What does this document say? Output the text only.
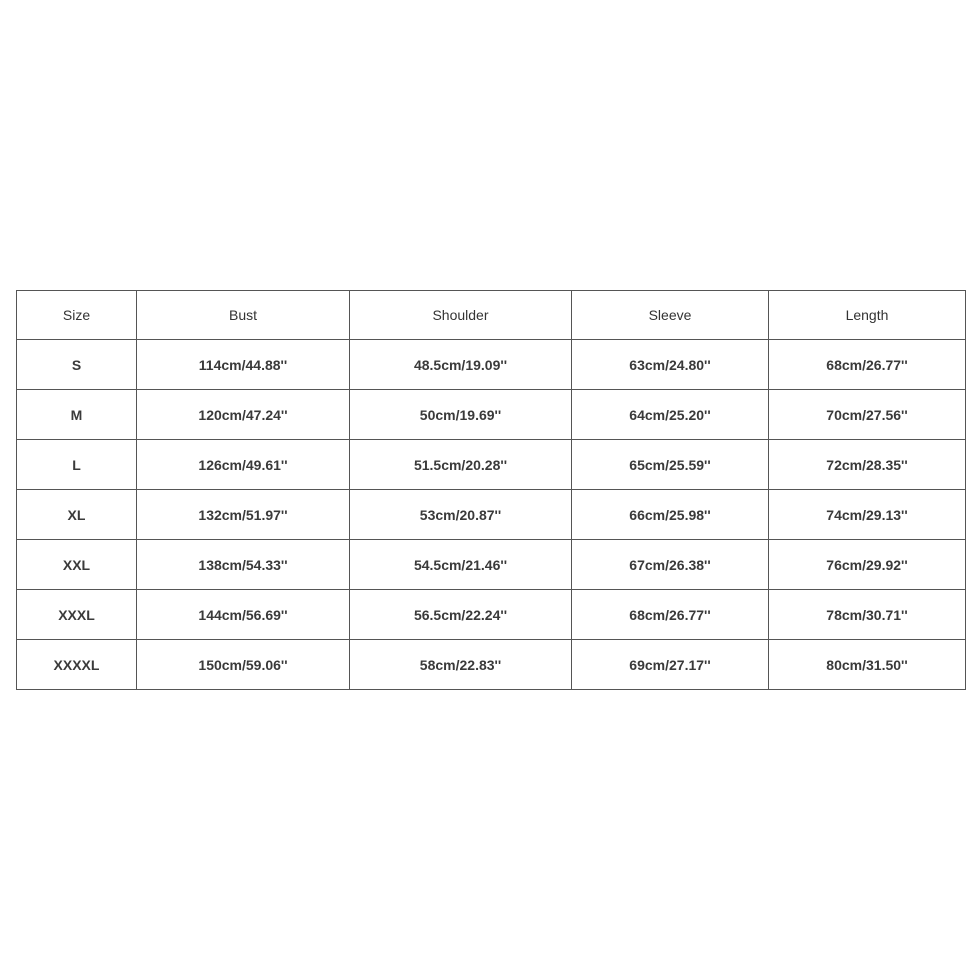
Size	Bust	Shoulder	Sleeve	Length
S	114cm/44.88''	48.5cm/19.09''	63cm/24.80''	68cm/26.77''
M	120cm/47.24''	50cm/19.69''	64cm/25.20''	70cm/27.56''
L	126cm/49.61''	51.5cm/20.28''	65cm/25.59''	72cm/28.35''
XL	132cm/51.97''	53cm/20.87''	66cm/25.98''	74cm/29.13''
XXL	138cm/54.33''	54.5cm/21.46''	67cm/26.38''	76cm/29.92''
XXXL	144cm/56.69''	56.5cm/22.24''	68cm/26.77''	78cm/30.71''
XXXXL	150cm/59.06''	58cm/22.83''	69cm/27.17''	80cm/31.50''
